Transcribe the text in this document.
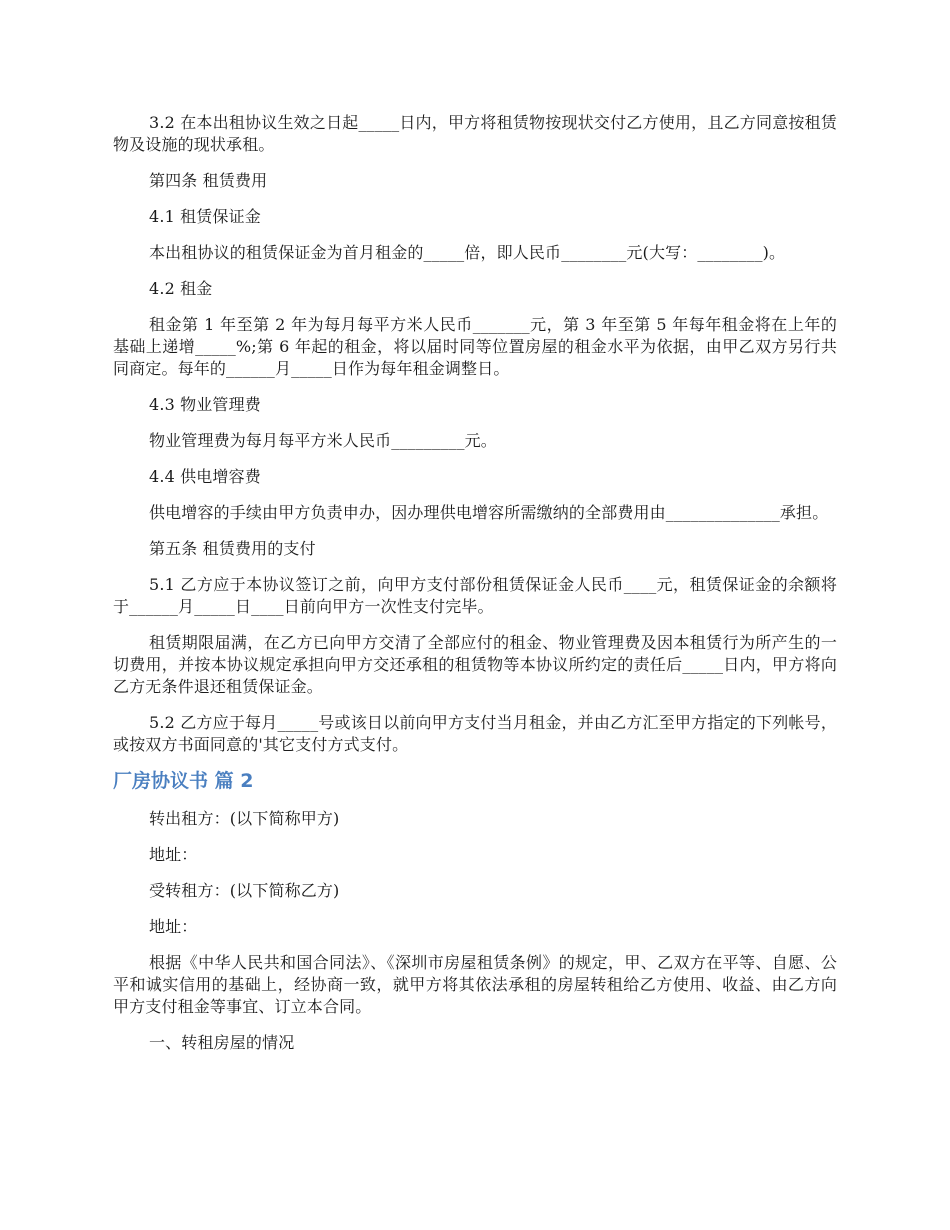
3.2 在本出租协议生效之日起_____日内，甲方将租赁物按现状交付乙方使用，且乙方同意按租赁物及设施的现状承租。

第四条 租赁费用

4.1 租赁保证金

本出租协议的租赁保证金为首月租金的_____倍，即人民币________元(大写：________)。

4.2 租金

租金第 1 年至第 2 年为每月每平方米人民币_______元，第 3 年至第 5 年每年租金将在上年的基础上递增_____%;第 6 年起的租金，将以届时同等位置房屋的租金水平为依据，由甲乙双方另行共同商定。每年的______月_____日作为每年租金调整日。

4.3 物业管理费

物业管理费为每月每平方米人民币_________元。

4.4 供电增容费

供电增容的手续由甲方负责申办，因办理供电增容所需缴纳的全部费用由______________承担。

第五条 租赁费用的支付

5.1 乙方应于本协议签订之前，向甲方支付部份租赁保证金人民币____元，租赁保证金的余额将于______月_____日____日前向甲方一次性支付完毕。

租赁期限届满，在乙方已向甲方交清了全部应付的租金、物业管理费及因本租赁行为所产生的一切费用，并按本协议规定承担向甲方交还承租的租赁物等本协议所约定的责任后_____日内，甲方将向乙方无条件退还租赁保证金。

5.2 乙方应于每月_____号或该日以前向甲方支付当月租金，并由乙方汇至甲方指定的下列帐号，或按双方书面同意的'其它支付方式支付。

厂房协议书 篇 2

转出租方：(以下简称甲方)

地址：

受转租方：(以下简称乙方)

地址：

根据《中华人民共和国合同法》、《深圳市房屋租赁条例》的规定，甲、乙双方在平等、自愿、公平和诚实信用的基础上，经协商一致，就甲方将其依法承租的房屋转租给乙方使用、收益、由乙方向甲方支付租金等事宜、订立本合同。

一、转租房屋的情况
